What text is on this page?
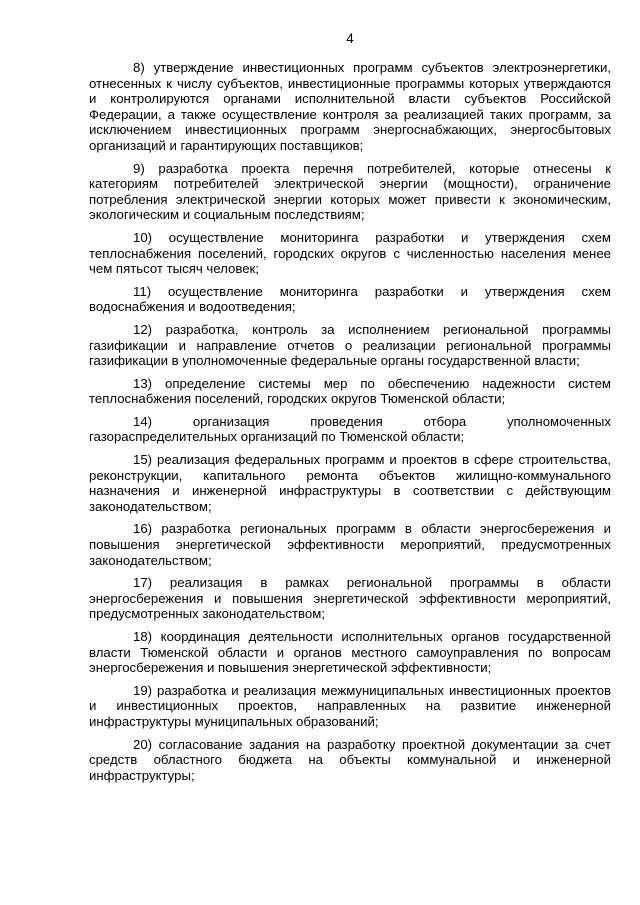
4

8) утверждение инвестиционных программ субъектов электроэнергетики, отнесенных к числу субъектов, инвестиционные программы которых утверждаются и контролируются органами исполнительной власти субъектов Российской Федерации, а также осуществление контроля за реализацией таких программ, за исключением инвестиционных программ энергоснабжающих, энергосбытовых организаций и гарантирующих поставщиков;

9) разработка проекта перечня потребителей, которые отнесены к категориям потребителей электрической энергии (мощности), ограничение потребления электрической энергии которых может привести к экономическим, экологическим и социальным последствиям;

10) осуществление мониторинга разработки и утверждения схем теплоснабжения поселений, городских округов с численностью населения менее чем пятьсот тысяч человек;

11) осуществление мониторинга разработки и утверждения схем водоснабжения и водоотведения;

12) разработка, контроль за исполнением региональной программы газификации и направление отчетов о реализации региональной программы газификации в уполномоченные федеральные органы государственной власти;

13) определение системы мер по обеспечению надежности систем теплоснабжения поселений, городских округов Тюменской области;

14) организация проведения отбора уполномоченных газораспределительных организаций по Тюменской области;

15) реализация федеральных программ и проектов в сфере строительства, реконструкции, капитального ремонта объектов жилищно-коммунального назначения и инженерной инфраструктуры в соответствии с действующим законодательством;

16) разработка региональных программ в области энергосбережения и повышения энергетической эффективности мероприятий, предусмотренных законодательством;

17) реализация в рамках региональной программы в области энергосбережения и повышения энергетической эффективности мероприятий, предусмотренных законодательством;

18) координация деятельности исполнительных органов государственной власти Тюменской области и органов местного самоуправления по вопросам энергосбережения и повышения энергетической эффективности;

19) разработка и реализация межмуниципальных инвестиционных проектов и инвестиционных проектов, направленных на развитие инженерной инфраструктуры муниципальных образований;

20) согласование задания на разработку проектной документации за счет средств областного бюджета на объекты коммунальной и инженерной инфраструктуры;
